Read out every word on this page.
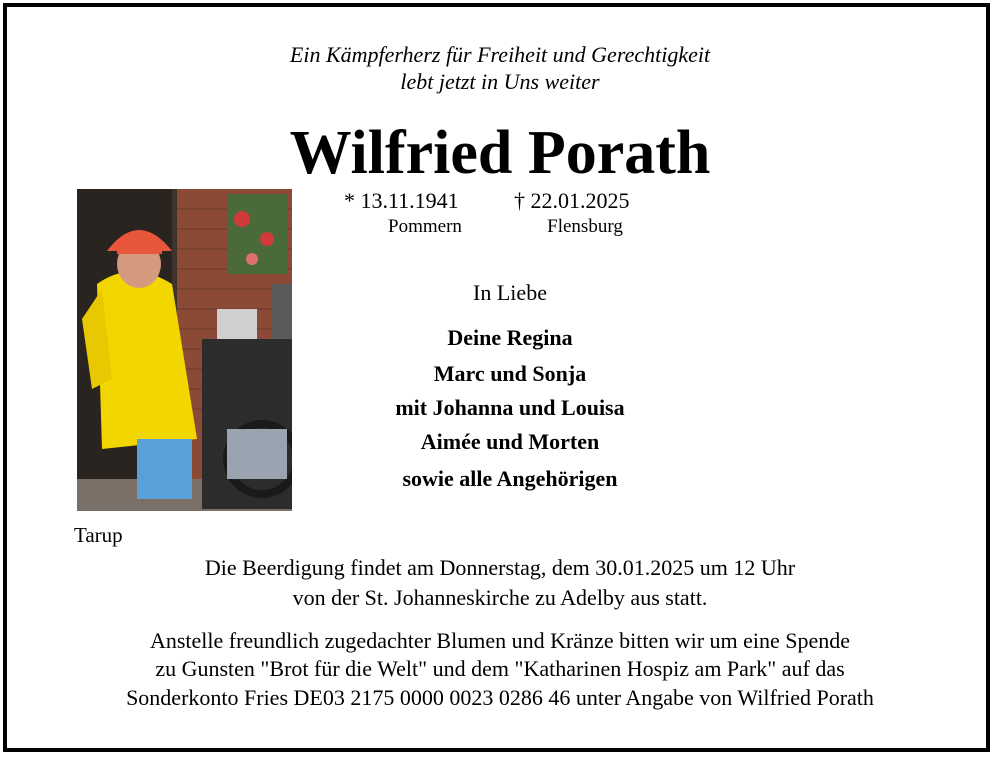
Ein Kämpferherz für Freiheit und Gerechtigkeit
lebt jetzt in Uns weiter
Wilfried Porath
* 13.11.1941
Pommern
† 22.01.2025
Flensburg
In Liebe
Deine Regina
Marc und Sonja
mit Johanna und Louisa
Aimée und Morten
sowie alle Angehörigen
Tarup
Die Beerdigung findet am Donnerstag, dem 30.01.2025 um 12 Uhr
von der St. Johanneskirche zu Adelby aus statt.
Anstelle freundlich zugedachter Blumen und Kränze bitten wir um eine Spende
zu Gunsten "Brot für die Welt" und dem "Katharinen Hospiz am Park" auf das
Sonderkonto Fries DE03 2175 0000 0023 0286 46 unter Angabe von Wilfried Porath
